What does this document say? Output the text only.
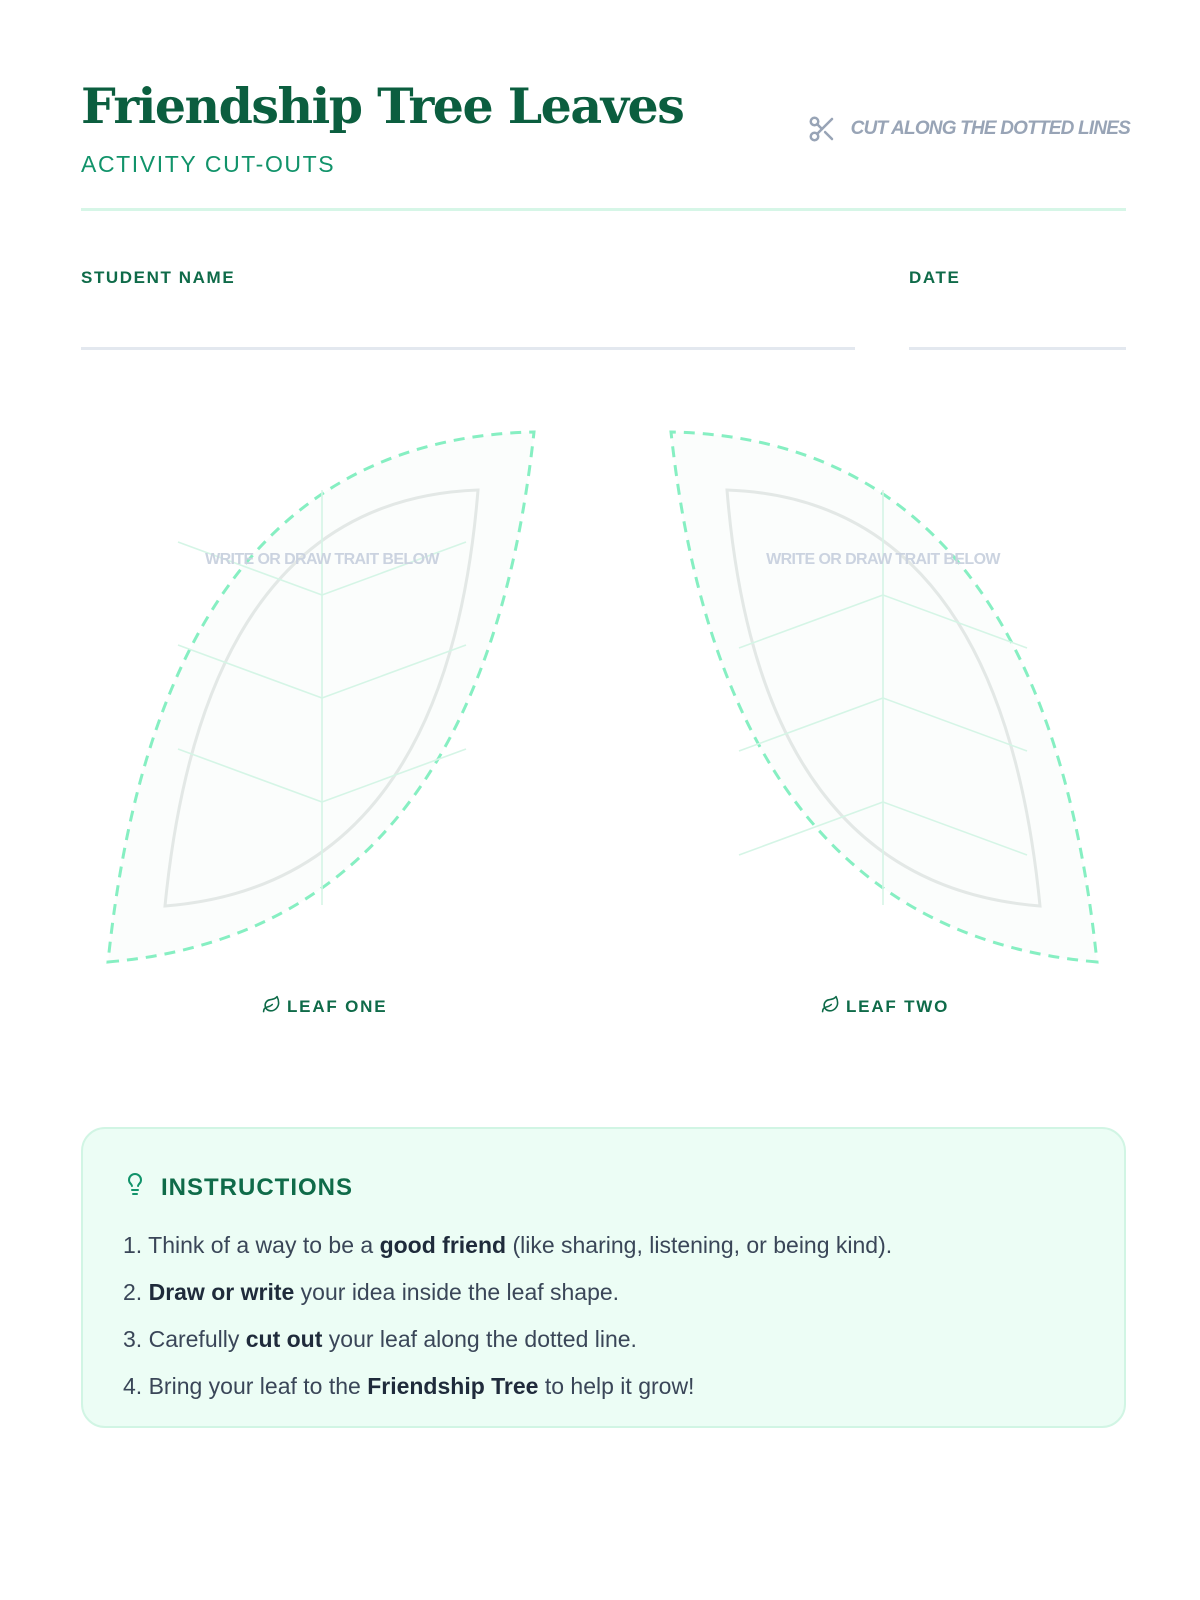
Friendship Tree Leaves
ACTIVITY CUT-OUTS
CUT ALONG THE DOTTED LINES
STUDENT NAME	DATE
WRITE OR DRAW TRAIT BELOW	WRITE OR DRAW TRAIT BELOW
LEAF ONE	LEAF TWO
INSTRUCTIONS
1. Think of a way to be a good friend (like sharing, listening, or being kind).
2. Draw or write your idea inside the leaf shape.
3. Carefully cut out your leaf along the dotted line.
4. Bring your leaf to the Friendship Tree to help it grow!
